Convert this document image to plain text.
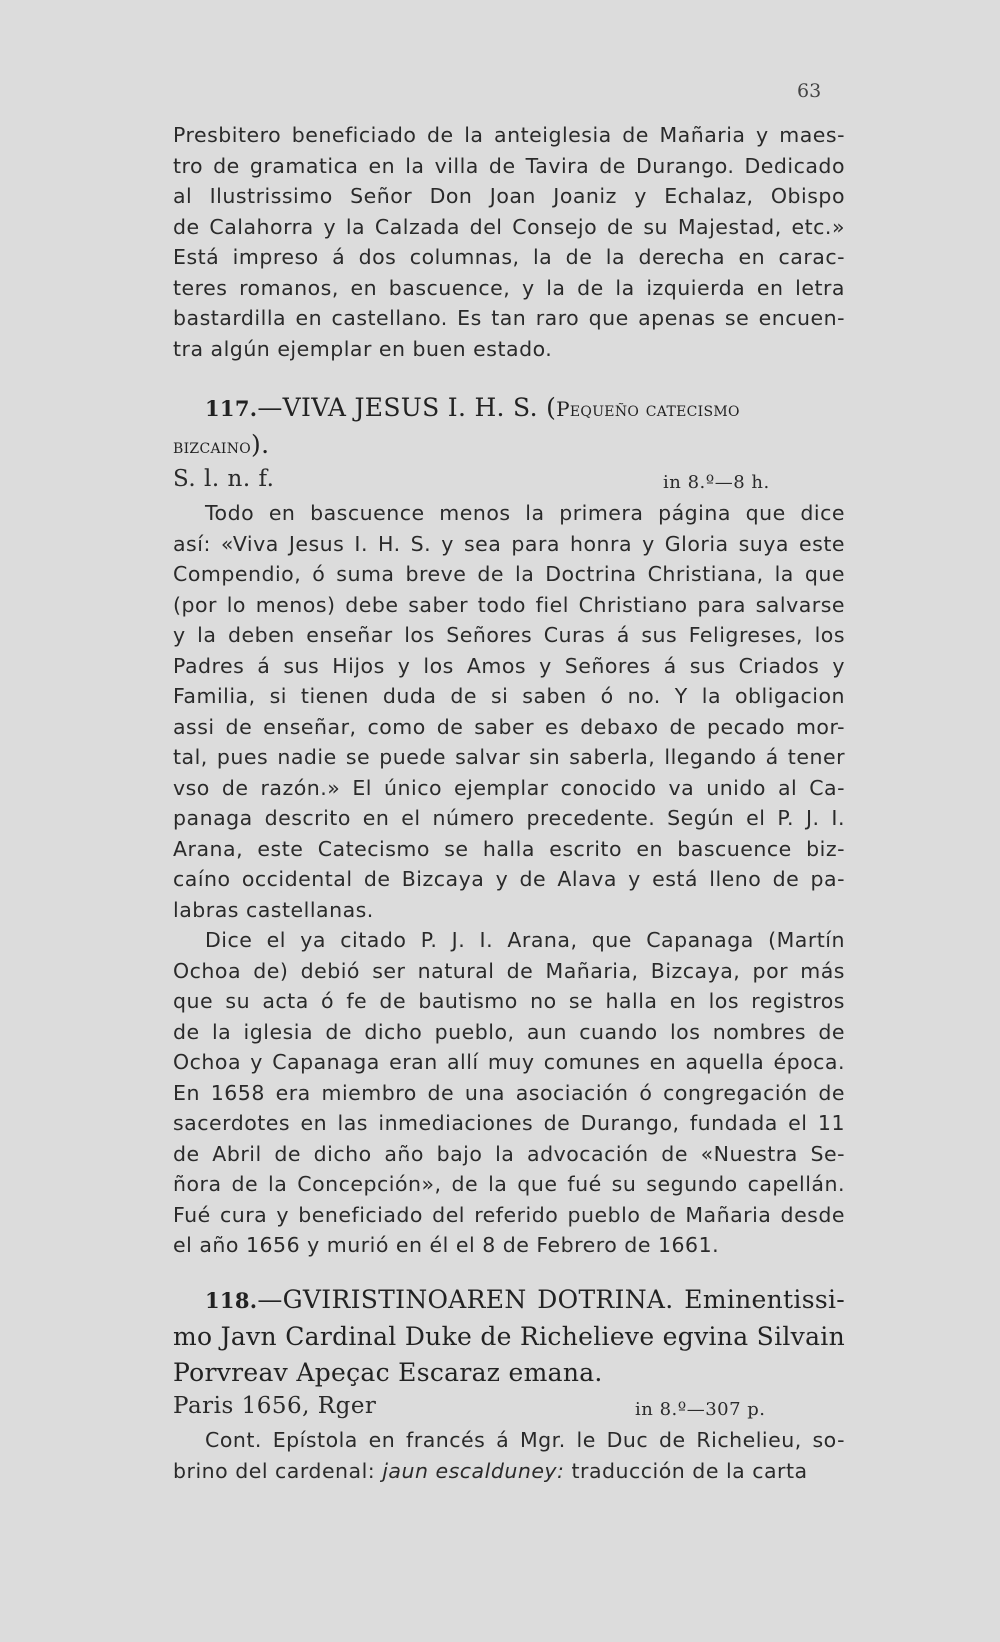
63
Presbitero beneficiado de la anteiglesia de Mañaria y maes-
tro de gramatica en la villa de Tavira de Durango. Dedicado
al Ilustrissimo Señor Don Joan Joaniz y Echalaz, Obispo
de Calahorra y la Calzada del Consejo de su Majestad, etc.»
Está impreso á dos columnas, la de la derecha en carac-
teres romanos, en bascuence, y la de la izquierda en letra
bastardilla en castellano. Es tan raro que apenas se encuen-
tra algún ejemplar en buen estado.
117.—VIVA JESUS I. H. S. (Pequeño catecismo
bizcaino).
S. l. n. f.	in 8.º—8 h.
Todo en bascuence menos la primera página que dice
así: «Viva Jesus I. H. S. y sea para honra y Gloria suya este
Compendio, ó suma breve de la Doctrina Christiana, la que
(por lo menos) debe saber todo fiel Christiano para salvarse
y la deben enseñar los Señores Curas á sus Feligreses, los
Padres á sus Hijos y los Amos y Señores á sus Criados y
Familia, si tienen duda de si saben ó no. Y la obligacion
assi de enseñar, como de saber es debaxo de pecado mor-
tal, pues nadie se puede salvar sin saberla, llegando á tener
vso de razón.» El único ejemplar conocido va unido al Ca-
panaga descrito en el número precedente. Según el P. J. I.
Arana, este Catecismo se halla escrito en bascuence biz-
caíno occidental de Bizcaya y de Alava y está lleno de pa-
labras castellanas.
Dice el ya citado P. J. I. Arana, que Capanaga (Martín
Ochoa de) debió ser natural de Mañaria, Bizcaya, por más
que su acta ó fe de bautismo no se halla en los registros
de la iglesia de dicho pueblo, aun cuando los nombres de
Ochoa y Capanaga eran allí muy comunes en aquella época.
En 1658 era miembro de una asociación ó congregación de
sacerdotes en las inmediaciones de Durango, fundada el 11
de Abril de dicho año bajo la advocación de «Nuestra Se-
ñora de la Concepción», de la que fué su segundo capellán.
Fué cura y beneficiado del referido pueblo de Mañaria desde
el año 1656 y murió en él el 8 de Febrero de 1661.
118.—GVIRISTINOAREN DOTRINA. Eminentissi-
mo Javn Cardinal Duke de Richelieve egvina Silvain
Porvreav Apeçac Escaraz emana.
Paris 1656, Rger	in 8.º—307 p.
Cont. Epístola en francés á Mgr. le Duc de Richelieu, so-
brino del cardenal: jaun escalduney: traducción de la carta
